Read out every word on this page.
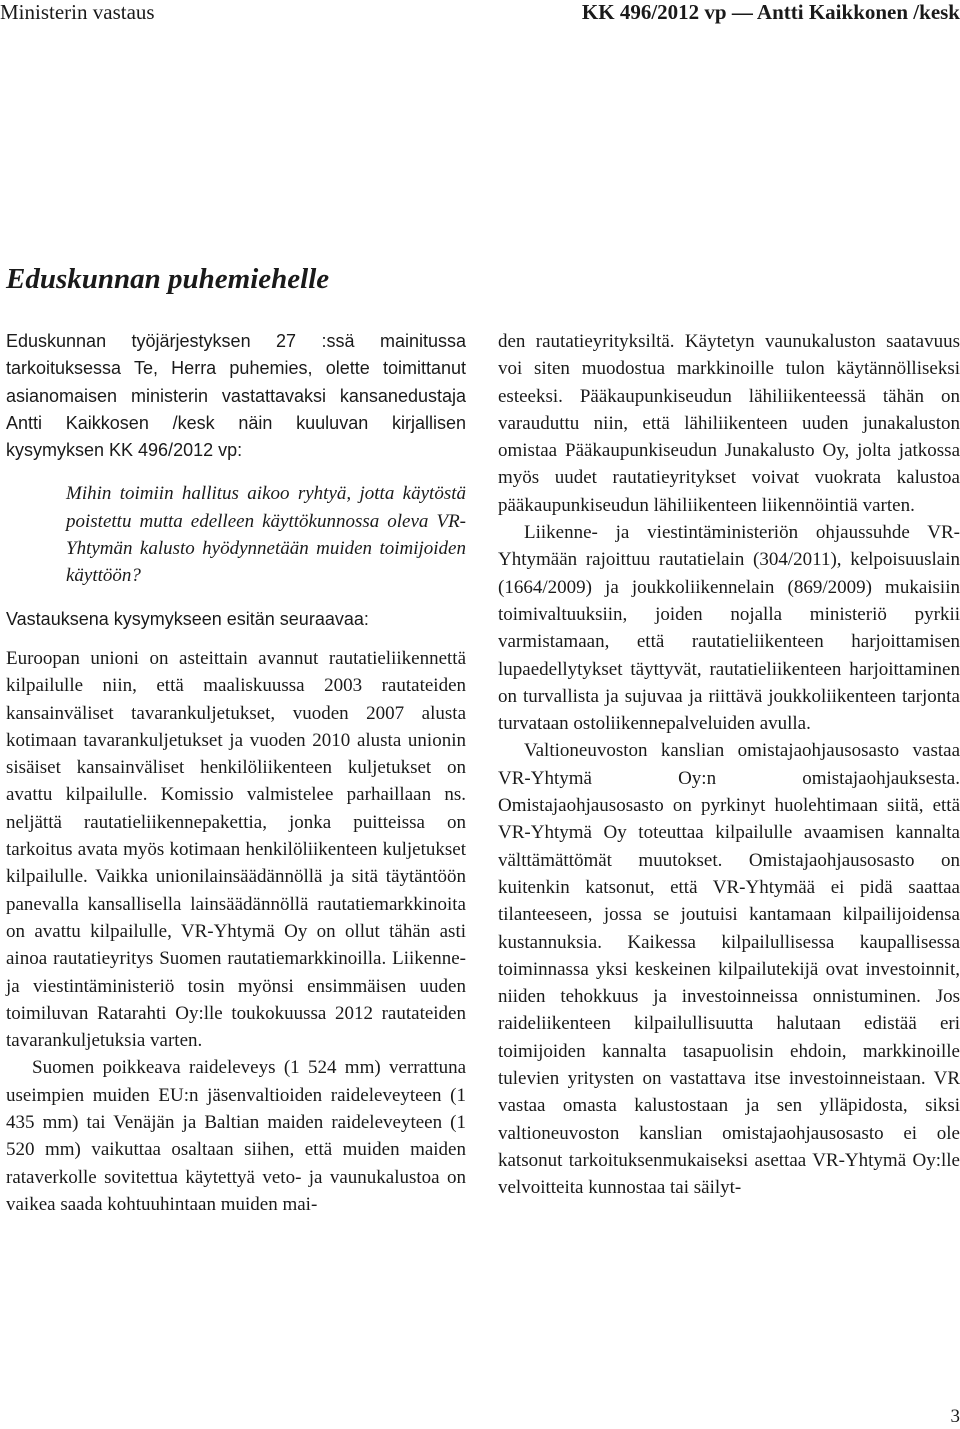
Ministerin vastaus	KK 496/2012 vp — Antti Kaikkonen /kesk
Eduskunnan puhemiehelle

Eduskunnan työjärjestyksen 27 :ssä mainitussa tarkoituksessa Te, Herra puhemies, olette toimittanut asianomaisen ministerin vastattavaksi kansanedustaja Antti Kaikkosen /kesk näin kuuluvan kirjallisen kysymyksen KK 496/2012 vp:

Mihin toimiin hallitus aikoo ryhtyä, jotta käytöstä poistettu mutta edelleen käyttökunnossa oleva VR-Yhtymän kalusto hyödynnetään muiden toimijoiden käyttöön?

Vastauksena kysymykseen esitän seuraavaa:

Euroopan unioni on asteittain avannut rautatieliikennettä kilpailulle niin, että maaliskuussa 2003 rautateiden kansainväliset tavarankuljetukset, vuoden 2007 alusta kotimaan tavarankuljetukset ja vuoden 2010 alusta unionin sisäiset kansainväliset henkilöliikenteen kuljetukset on avattu kilpailulle. Komissio valmistelee parhaillaan ns. neljättä rautatieliikennepakettia, jonka puitteissa on tarkoitus avata myös kotimaan henkilöliikenteen kuljetukset kilpailulle. Vaikka unionilainsäädännöllä ja sitä täytäntöön panevalla kansallisella lainsäädännöllä rautatiemarkkinoita on avattu kilpailulle, VR-Yhtymä Oy on ollut tähän asti ainoa rautatieyritys Suomen rautatiemarkkinoilla. Liikenne- ja viestintäministeriö tosin myönsi ensimmäisen uuden toimiluvan Ratarahti Oy:lle toukokuussa 2012 rautateiden tavarankuljetuksia varten.

Suomen poikkeava raideleveys (1 524 mm) verrattuna useimpien muiden EU:n jäsenvaltioiden raideleveyteen (1 435 mm) tai Venäjän ja Baltian maiden raideleveyteen (1 520 mm) vaikuttaa osaltaan siihen, että muiden maiden rataverkolle sovitettua käytettyä veto- ja vaunukalustoa on vaikea saada kohtuuhintaan muiden mai-

den rautatieyrityksiltä. Käytetyn vaunukaluston saatavuus voi siten muodostua markkinoille tulon käytännölliseksi esteeksi. Pääkaupunkiseudun lähiliikenteessä tähän on varauduttu niin, että lähiliikenteen uuden junakaluston omistaa Pääkaupunkiseudun Junakalusto Oy, jolta jatkossa myös uudet rautatieyritykset voivat vuokrata kalustoa pääkaupunkiseudun lähiliikenteen liikennöintiä varten.

Liikenne- ja viestintäministeriön ohjaussuhde VR-Yhtymään rajoittuu rautatielain (304/2011), kelpoisuuslain (1664/2009) ja joukkoliikennelain (869/2009) mukaisiin toimivaltuuksiin, joiden nojalla ministeriö pyrkii varmistamaan, että rautatieliikenteen harjoittamisen lupaedellytykset täyttyvät, rautatieliikenteen harjoittaminen on turvallista ja sujuvaa ja riittävä joukkoliikenteen tarjonta turvataan ostoliikennepalveluiden avulla.

Valtioneuvoston kanslian omistajaohjausosasto vastaa VR-Yhtymä Oy:n omistajaohjauksesta. Omistajaohjausosasto on pyrkinyt huolehtimaan siitä, että VR-Yhtymä Oy toteuttaa kilpailulle avaamisen kannalta välttämättömät muutokset. Omistajaohjausosasto on kuitenkin katsonut, että VR-Yhtymää ei pidä saattaa tilanteeseen, jossa se joutuisi kantamaan kilpailijoidensa kustannuksia. Kaikessa kilpailullisessa kaupallisessa toiminnassa yksi keskeinen kilpailutekijä ovat investoinnit, niiden tehokkuus ja investoinneissa onnistuminen. Jos raideliikenteen kilpailullisuutta halutaan edistää eri toimijoiden kannalta tasapuolisin ehdoin, markkinoille tulevien yritysten on vastattava itse investoinneistaan. VR vastaa omasta kalustostaan ja sen ylläpidosta, siksi valtioneuvoston kanslian omistajaohjausosasto ei ole katsonut tarkoituksenmukaiseksi asettaa VR-Yhtymä Oy:lle velvoitteita kunnostaa tai säilyt-

3
